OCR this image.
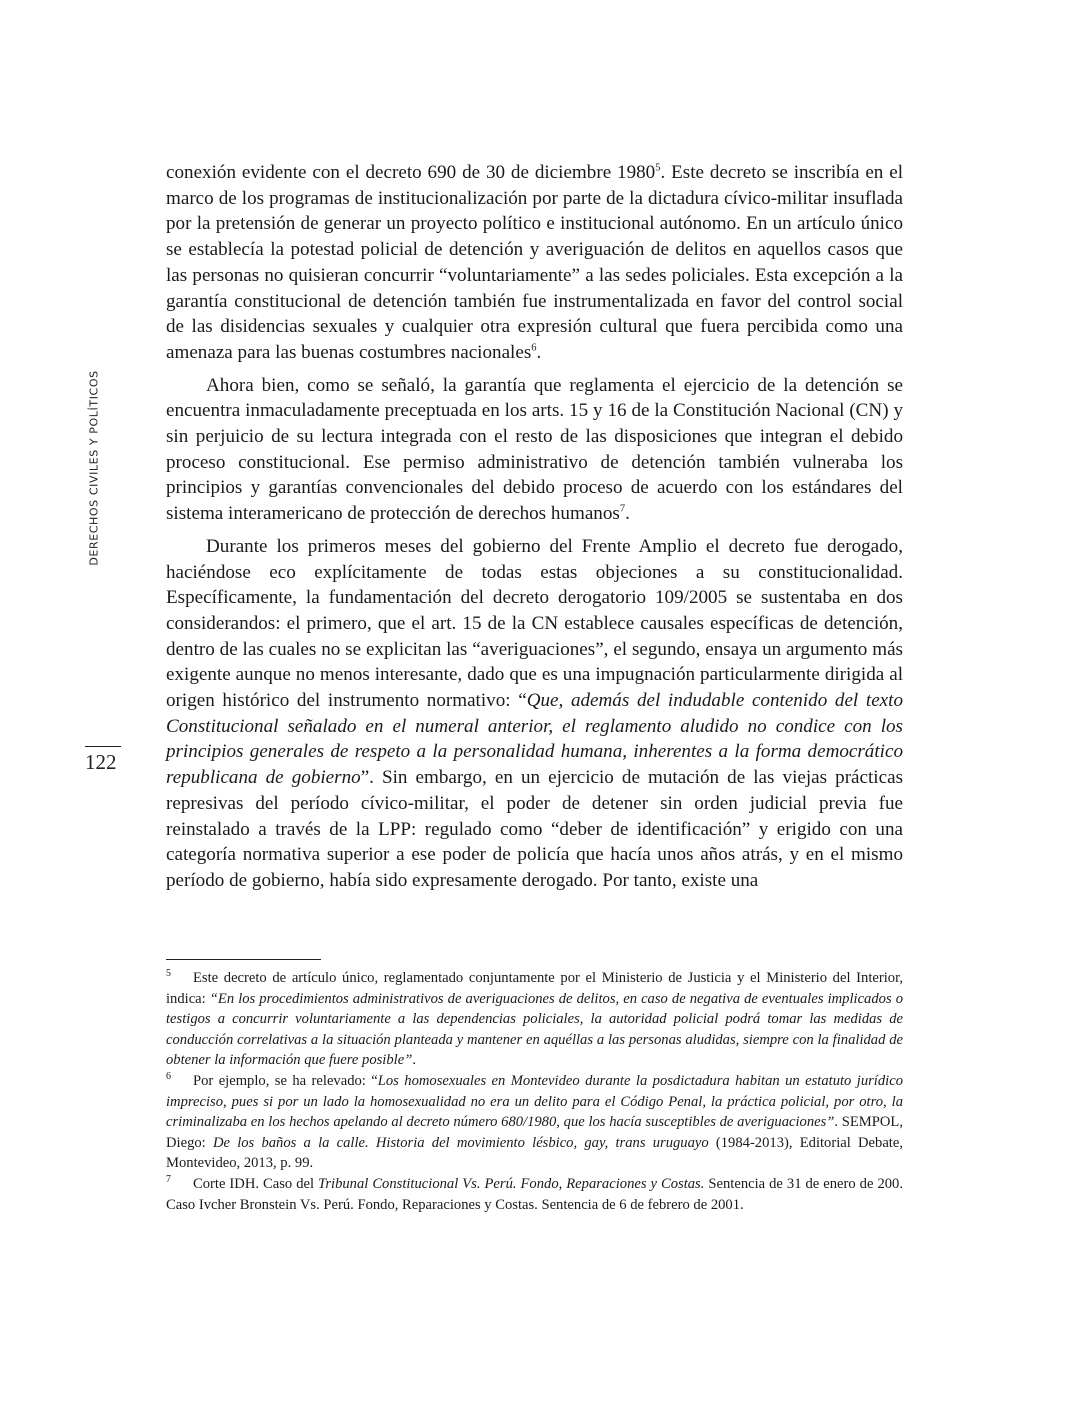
DERECHOS CIVILES Y POLÍTICOS
122

conexión evidente con el decreto 690 de 30 de diciembre 1980$^5$. Este decreto se inscribía en el marco de los programas de institucionalización por parte de la dictadura cívico-militar insuflada por la pretensión de generar un proyecto político e institucional autónomo. En un artículo único se establecía la potestad policial de detención y averiguación de delitos en aquellos casos que las personas no quisieran concurrir “voluntariamente” a las sedes policiales. Esta excepción a la garantía constitucional de detención también fue instrumentalizada en favor del control social de las disidencias sexuales y cualquier otra expresión cultural que fuera percibida como una amenaza para las buenas costumbres nacionales$^6$.

Ahora bien, como se señaló, la garantía que reglamenta el ejercicio de la detención se encuentra inmaculadamente preceptuada en los arts. 15 y 16 de la Constitución Nacional (CN) y sin perjuicio de su lectura integrada con el resto de las disposiciones que integran el debido proceso constitucional. Ese permiso administrativo de detención también vulneraba los principios y garantías convencionales del debido proceso de acuerdo con los estándares del sistema interamericano de protección de derechos humanos$^7$.

Durante los primeros meses del gobierno del Frente Amplio el decreto fue derogado, haciéndose eco explícitamente de todas estas objeciones a su constitucionalidad. Específicamente, la fundamentación del decreto derogatorio 109/2005 se sustentaba en dos considerandos: el primero, que el art. 15 de la CN establece causales específicas de detención, dentro de las cuales no se explicitan las “averiguaciones”, el segundo, ensaya un argumento más exigente aunque no menos interesante, dado que es una impugnación particularmente dirigida al origen histórico del instrumento normativo: “Que, además del indudable contenido del texto Constitucional señalado en el numeral anterior, el reglamento aludido no condice con los principios generales de respeto a la personalidad humana, inherentes a la forma democrático republicana de gobierno”. Sin embargo, en un ejercicio de mutación de las viejas prácticas represivas del período cívico-militar, el poder de detener sin orden judicial previa fue reinstalado a través de la LPP: regulado como “deber de identificación” y erigido con una categoría normativa superior a ese poder de policía que hacía unos años atrás, y en el mismo período de gobierno, había sido expresamente derogado. Por tanto, existe una

5 Este decreto de artículo único, reglamentado conjuntamente por el Ministerio de Justicia y el Ministerio del Interior, indica: “En los procedimientos administrativos de averiguaciones de delitos, en caso de negativa de eventuales implicados o testigos a concurrir voluntariamente a las dependencias policiales, la autoridad policial podrá tomar las medidas de conducción correlativas a la situación planteada y mantener en aquéllas a las personas aludidas, siempre con la finalidad de obtener la información que fuere posible”.

6 Por ejemplo, se ha relevado: “Los homosexuales en Montevideo durante la posdictadura habitan un estatuto jurídico impreciso, pues si por un lado la homosexualidad no era un delito para el Código Penal, la práctica policial, por otro, la criminalizaba en los hechos apelando al decreto número 680/1980, que los hacía susceptibles de averiguaciones”. SEMPOL, Diego: De los baños a la calle. Historia del movimiento lésbico, gay, trans uruguayo (1984-2013), Editorial Debate, Montevideo, 2013, p. 99.

7 Corte IDH. Caso del Tribunal Constitucional Vs. Perú. Fondo, Reparaciones y Costas. Sentencia de 31 de enero de 200. Caso Ivcher Bronstein Vs. Perú. Fondo, Reparaciones y Costas. Sentencia de 6 de febrero de 2001.
